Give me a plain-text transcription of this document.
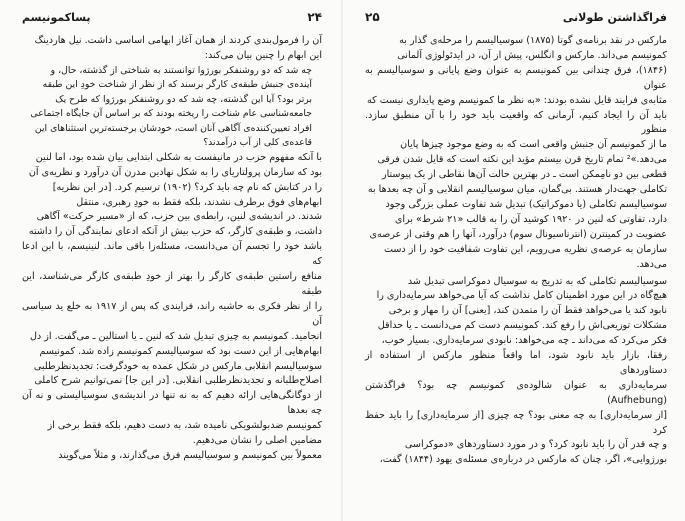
۲۴
پساکمونیسم

آن را فرمول‌بندی کردند از همان آغاز ابهامی اساسی داشت. نیل هاردینگ

این ابهام را چنین بیان می‌کند:

چه شد که دو روشنفکر بورژوا توانستند به شناختی از گذشته، حال، و
آینده‌ی جنبش طبقه‌ی کارگر برسند که از نظر از شناخت خودِ این طبقه
برتر بود؟ آیا این گذشته، چه شد که دو روشنفکر بورژوا که طرح یک
جامعه‌شناسی عام شناخت را ریخته بودند که بر اساس آن جایگاه اجتماعی
افراد تعیین‌کننده‌ی آگاهی آنان است، خودشان برجسته‌ترین استثناهای این
قاعده‌ی کلی از آب درآمدند؟

با آنکه مفهوم حزب در مانیفست به شکلی ابتدایی بیان شده بود، اما لنین

بود که سازمان پرولتاریای را به شکل نهادین مدرن آن درآورد و نظریه‌ی آن

را در کتابش که نام چه باید کرد؟ (۱۹۰۲) ترسیم کرد. [در این نظریه]

ابهام‌های فوق برطرف نشدند، بلکه فقط به خودِ رهبری، منتقل

شدند. در اندیشه‌ی لنین، رابطه‌ی بین حزب، که از «مسیر حرکت» آگاهی

داشت، و طبقه‌ی کارگر، که حزب بیش از آنکه ادعای نمایندگی آن را داشته

باشد خود را تجسم آن می‌دانست، مسئله‌زا باقی ماند. لنینیسم، با این ادعا که

منافع راستین طبقه‌ی کارگر را بهتر از خودِ طبقه‌ی کارگر می‌شناسد، این طبقه

را از نظر فکری به حاشیه راند، فرایندی که پس از ۱۹۱۷ به خلع ید سیاسی آن

انجامید. کمونیسم به چیزی تبدیل شد که لنین ـ یا استالین ـ می‌گفت. از دل

ابهام‌هایی از این دست بود که سوسیالیسم کمونیسم زاده شد. کمونیسم

سوسیالیسم انقلابی مارکس در شکل عمده به خودگرفت: تجدیدنظرطلبی

اصلاح‌طلبانه و تجدیدنظرطلبی انقلابی. [در این جا] نمی‌توانیم شرح کاملی

از دوگانگی‌هایی ارائه دهیم که به نه تنها در اندیشه‌ی سوسیالیستی و نه آن چه بعدها

کمونیسم ضدبولشویکی نامیده شد، به دست دهیم، بلکه فقط برخی از

مضامین اصلی را نشان می‌دهیم.

معمولاً بین کمونیسم و سوسیالیسم فرق می‌گذارند، و مثلاً می‌گویند

فراگذاشتن طولانی
۲۵

مارکس در نقد برنامه‌ی گوتا (۱۸۷۵) سوسیالیسم را مرحله‌ی گذار به

کمونیسم می‌داند. مارکس و انگلس، پیش از آن، در ایدئولوژی آلمانی

(۱۸۴۶)، فرق چندانی بین کمونیسم به عنوان وضع پایانی و سوسیالیسم به عنوان

مثابه‌ی فرایند قایل نشده بودند: «به نظر ما کمونیسم وضع پایداری نیست که

باید آن را ایجاد کنیم، آرمانی که واقعیت باید خود را با آن منطبق سازد. منظور

ما از کمونیسم آن جنبش واقعی است که به وضع موجود چیزها پایان

می‌دهد.»² تمام تاریخ قرن بیستم مؤید این نکته است که قایل شدن فرقی

قطعی بین دو نامِمکن است ـ در بهترین حالت آن‌ها نقاطی از یک پیوستار

تکاملی جهت‌دار هستند. بی‌گمان، میان سوسیالیسم انقلابی و آن چه بعدها به

سوسیالیسم تکاملی (یا دموکراتیک) تبدیل شد تفاوت عملی بزرگی وجود

دارد، تفاوتی که لنین در ۱۹۲۰ کوشید آن را به قالب «۲۱ شرط» برای

عضویت در کمینترن (انترناسیونال سوم) درآورد، آنها را هم وقتی از عرصه‌ی

سازمان به عرصه‌ی نظریه می‌رویم، این تفاوت شفافیت خود را از دست

می‌دهد.

سوسیالیسم تکاملی که به تدریج به سوسیال دموکراسی تبدیل شد

هیچ‌گاه در این مورد اطمینان کامل نداشت که آیا می‌خواهد سرمایه‌داری را

نابود کند یا می‌خواهد فقط آن را متمدن کند، [یعنی] آن را مهار و برخی

مشکلات توزیعی‌اش را رفع کند. کمونیسم دست کم می‌دانست ـ یا حداقل

فکر می‌کرد که می‌داند ـ چه می‌خواهد: نابودی سرمایه‌داری. بسیار خوب،

رفقا، بازار باید نابود شود، اما واقعاً منظور مارکس از استفاده از دستاوردهای

سرمایه‌داری به عنوان شالوده‌ی کمونیسم چه بود؟ فراگذشتن (Aufhebung)

[از سرمایه‌داری] به چه معنی بود؟ چه چیزی [از سرمایه‌داری] را باید حفظ کرد

و چه قدر آن را باید نابود کرد؟ و در مورد دستاوردهای «دموکراسی

بورژوایی»، اگر، چنان که مارکس در درباره‌ی مسئله‌ی یهود (۱۸۴۴) گفت،
